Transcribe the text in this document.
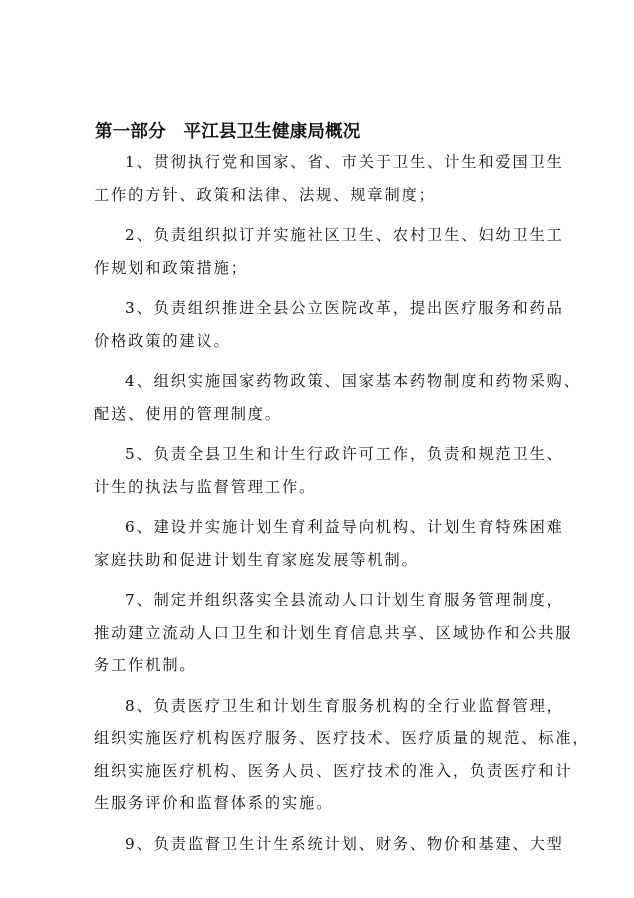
第一部分　平江县卫生健康局概况

1、贯彻执行党和国家、省、市关于卫生、计生和爱国卫生
工作的方针、政策和法律、法规、规章制度；

2、负责组织拟订并实施社区卫生、农村卫生、妇幼卫生工
作规划和政策措施；

3、负责组织推进全县公立医院改革，提出医疗服务和药品
价格政策的建议。

4、组织实施国家药物政策、国家基本药物制度和药物采购、
配送、使用的管理制度。

5、负责全县卫生和计生行政许可工作，负责和规范卫生、
计生的执法与监督管理工作。

6、建设并实施计划生育利益导向机构、计划生育特殊困难
家庭扶助和促进计划生育家庭发展等机制。

7、制定并组织落实全县流动人口计划生育服务管理制度，
推动建立流动人口卫生和计划生育信息共享、区域协作和公共服
务工作机制。

8、负责医疗卫生和计划生育服务机构的全行业监督管理，
组织实施医疗机构医疗服务、医疗技术、医疗质量的规范、标准，
组织实施医疗机构、医务人员、医疗技术的准入，负责医疗和计
生服务评价和监督体系的实施。

9、负责监督卫生计生系统计划、财务、物价和基建、大型
